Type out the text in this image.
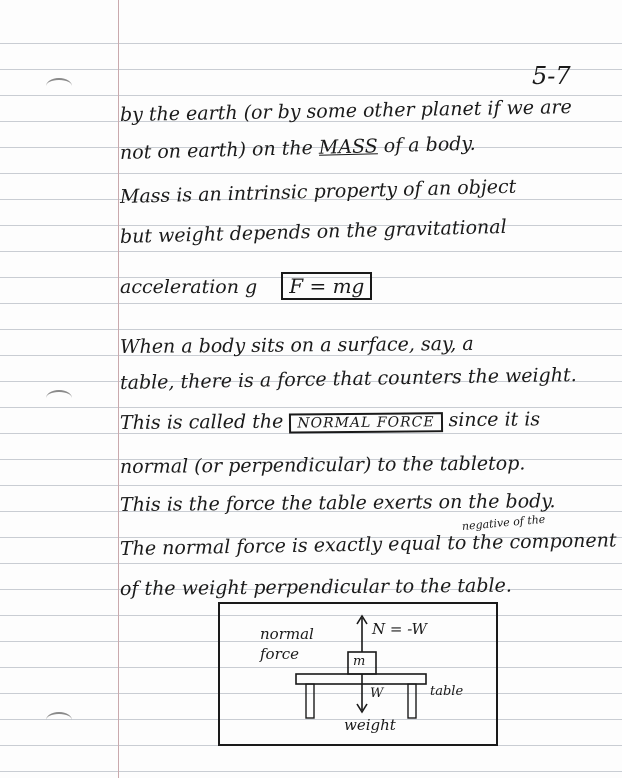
5-7
by the earth (or by some other planet if we are
not on earth) on the MASS of a body.
Mass is an intrinsic property of an object
but weight depends on the gravitational
acceleration g F = mg
When a body sits on a surface, say, a
table, there is a force that counters the weight.
This is called the NORMAL FORCE since it is
normal (or perpendicular) to the tabletop.
This is the force the table exerts on the body.
negative of the
The normal force is exactly equal to the component
of the weight perpendicular to the table.
normal force
N = -W
m
W	table
weight
